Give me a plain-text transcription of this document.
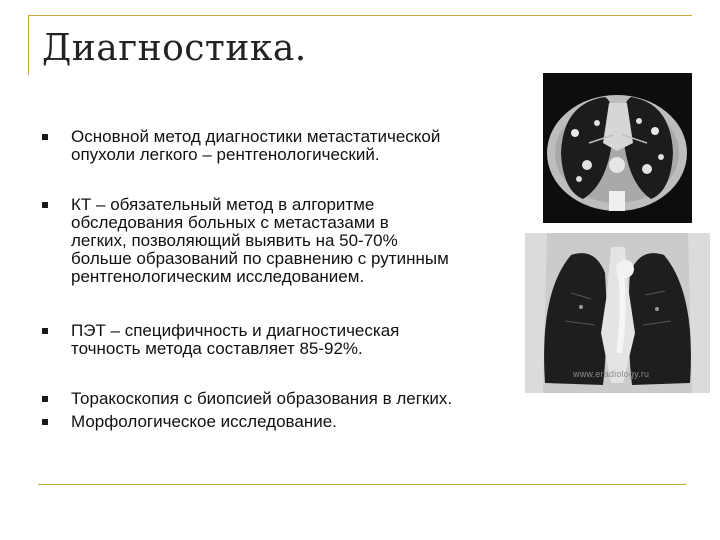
Диагностика.
Основной метод диагностики метастатической
опухоли легкого – рентгенологический.
КТ – обязательный метод в алгоритме
обследования больных с метастазами в
легких, позволяющий выявить на 50-70%
больше образований по сравнению с рутинным
рентгенологическим исследованием.
ПЭТ – специфичность и диагностическая
точность метода составляет 85-92%.
Торакоскопия с биопсией образования в легких.
Морфологическое исследование.
www.eradiology.ru
